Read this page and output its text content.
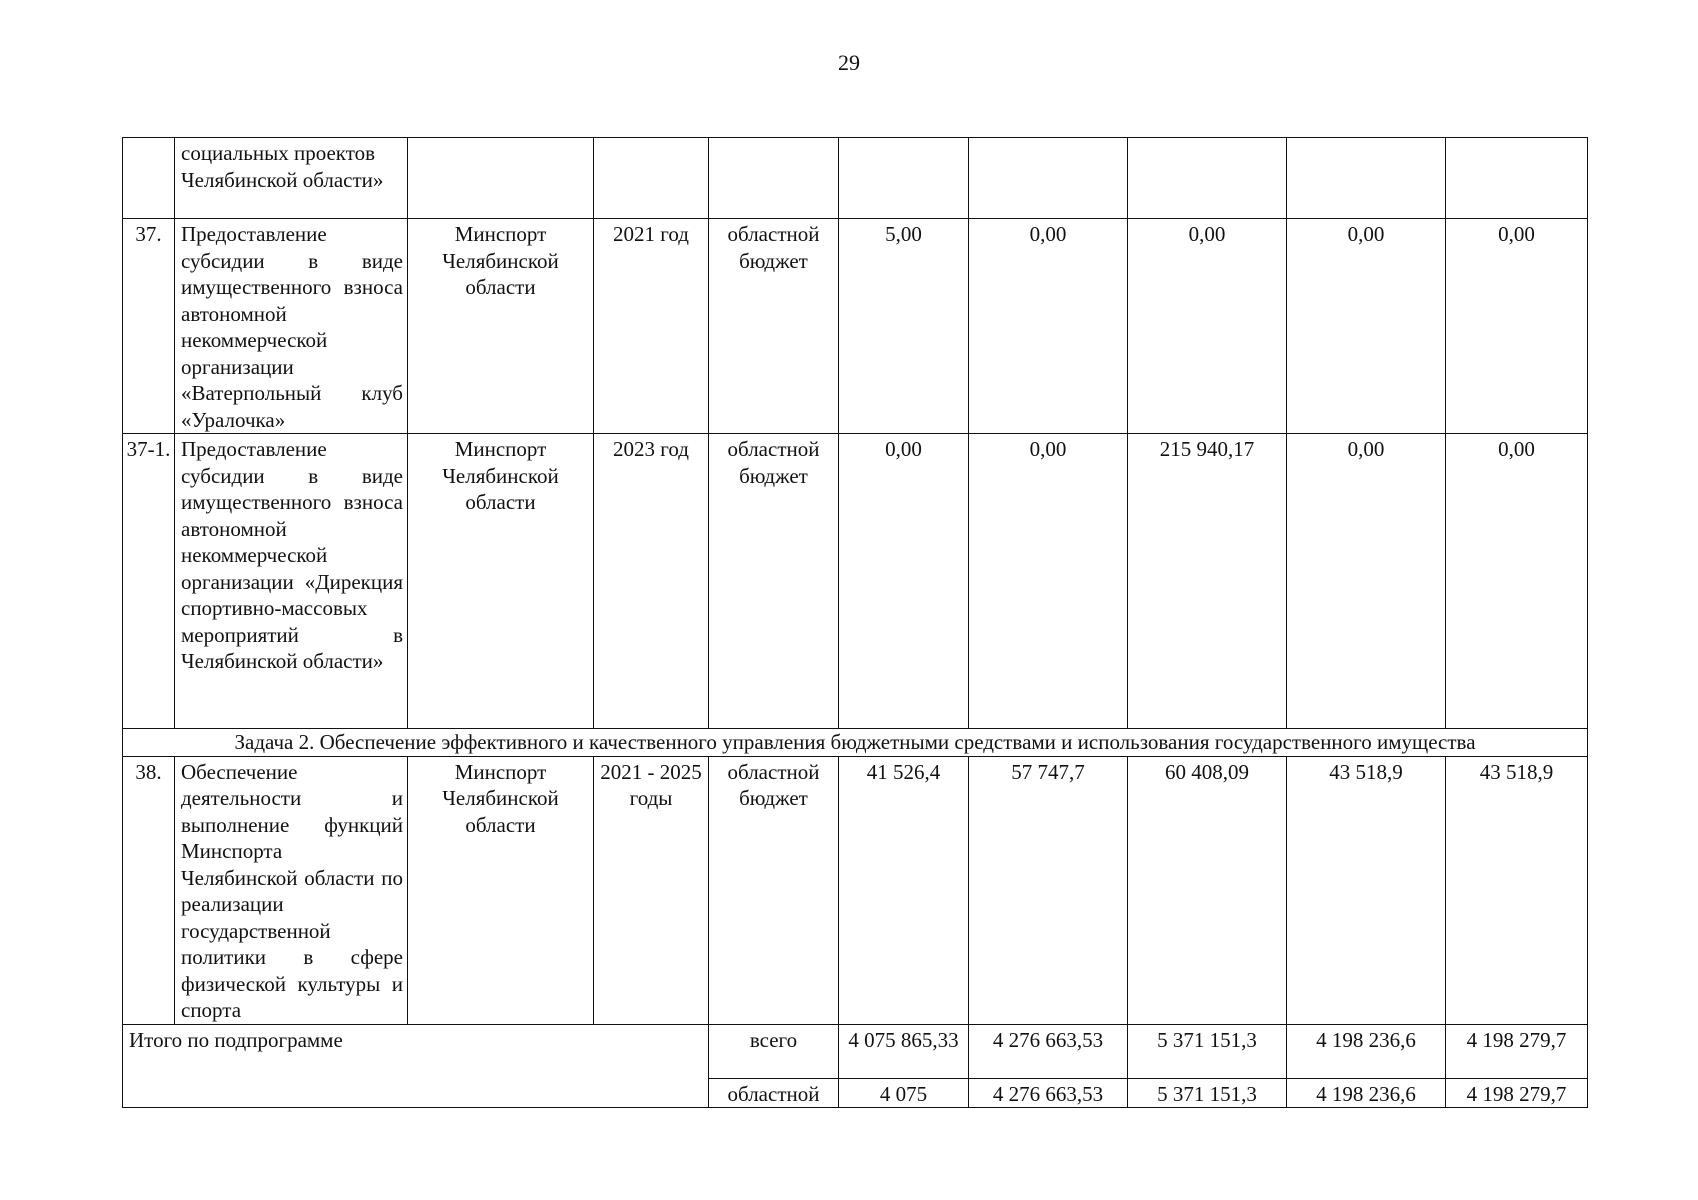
29
	социальных проектов Челябинской области»								
37.	Предоставление субсидии в виде имущественного взноса автономной некоммерческой организации «Ватерпольный клуб «Уралочка»	Минспорт Челябинской области	2021 год	областной бюджет	5,00	0,00	0,00	0,00	0,00
37-1.	Предоставление субсидии в виде имущественного взноса автономной некоммерческой организации «Дирекция спортивно-массовых мероприятий в Челябинской области»	Минспорт Челябинской области	2023 год	областной бюджет	0,00	0,00	215 940,17	0,00	0,00
Задача 2. Обеспечение эффективного и качественного управления бюджетными средствами и использования государственного имущества									
38.	Обеспечение деятельности и выполнение функций Минспорта Челябинской области по реализации государственной политики в сфере физической культуры и спорта	Минспорт Челябинской области	2021 - 2025 годы	областной бюджет	41 526,4	57 747,7	60 408,09	43 518,9	43 518,9
Итого по подпрограмме				всего	4 075 865,33	4 276 663,53	5 371 151,3	4 198 236,6	4 198 279,7
				областной	4 075	4 276 663,53	5 371 151,3	4 198 236,6	4 198 279,7
